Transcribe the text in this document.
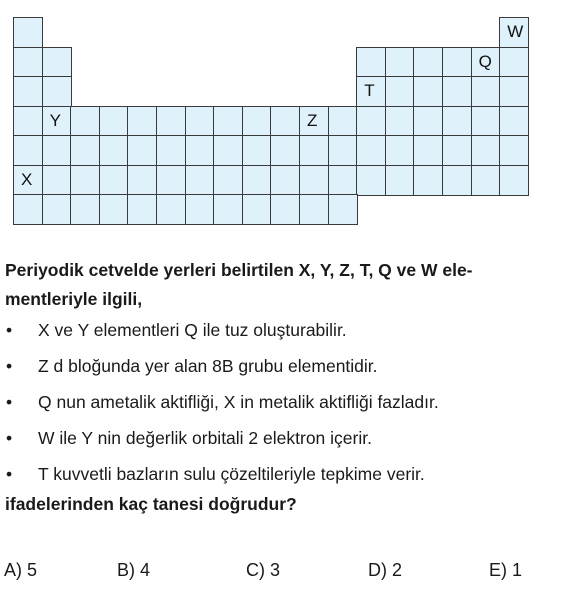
X
Y	Z
T
Q
W
Periyodik cetvelde yerleri belirtilen X, Y, Z, T, Q ve W ele-
mentleriyle ilgili,
• X ve Y elementleri Q ile tuz oluşturabilir.
• Z d bloğunda yer alan 8B grubu elementidir.
• Q nun ametalik aktifliği, X in metalik aktifliği fazladır.
• W ile Y nin değerlik orbitali 2 elektron içerir.
• T kuvvetli bazların sulu çözeltileriyle tepkime verir.
ifadelerinden kaç tanesi doğrudur?
A) 5	B) 4	C) 3	D) 2	E) 1
